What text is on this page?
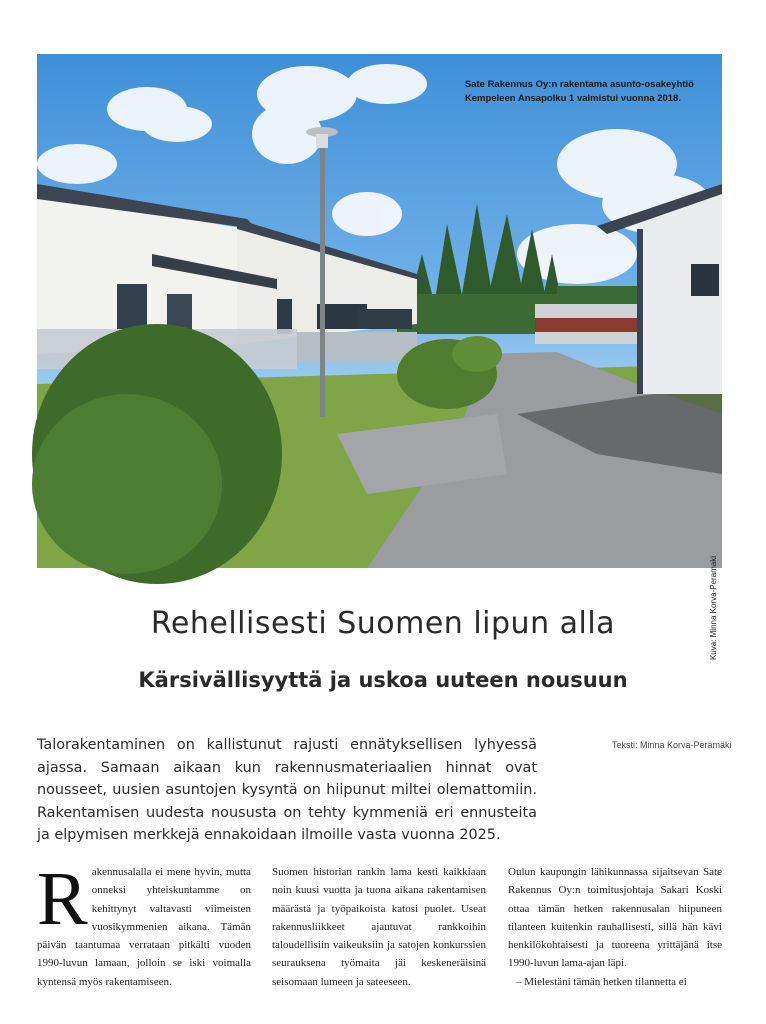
Sate Rakennus Oy:n rakentama asunto-osakeyhtiö
Kempeleen Ansapolku 1 valmistui vuonna 2018.
Kuva: Minna Korva-Peramaki
Rehellisesti Suomen lipun alla
Kärsivällisyyttä ja uskoa uuteen nousuun

Talorakentaminen on kallistunut rajusti ennätyksellisen lyhyessä ajassa. Samaan aikaan kun rakennusmateriaalien hinnat ovat nousseet, uusien asuntojen kysyntä on hiipunut miltei olemattomiin. Rakentamisen uudesta noususta on tehty kymmeniä eri ennusteita ja elpymisen merkkejä ennakoidaan ilmoille vasta vuonna 2025.

Teksti: Minna Korva-Perämäki
R akennusalalla ei mene hyvin, mutta onneksi yhteiskuntamme on kehittynyt valtavasti viimeisten vuosikymmenien aikana. Tämän päivän taantumaa verrataan pitkälti vuoden 1990-luvun lamaan, jolloin se iski voimalla kyntensä myös rakentamiseen.
Suomen historian rankin lama kesti kaikkiaan noin kuusi vuotta ja tuona aikana rakentamisen määrästä ja työpaikoista katosi puolet. Useat rakennusliikkeet ajautuvat rankkoihin taloudellisiin vaikeuksiin ja satojen konkurssien seurauksena työmaita jäi keskeneräisinä seisomaan lumeen ja sateeseen.
Oulun kaupungin lähikunnassa sijaitsevan Sate Rakennus Oy:n toimitusjohtaja Sakari Koski ottaa tämän hetken rakennusalan hiipuneen tilanteen kuitenkin rauhallisesti, sillä hän kävi henkilökohtaisesti ja tuoreena yrittäjänä itse 1990-luvun lama-ajan läpi.
– Mielestäni tämän hetken tilannetta ei
